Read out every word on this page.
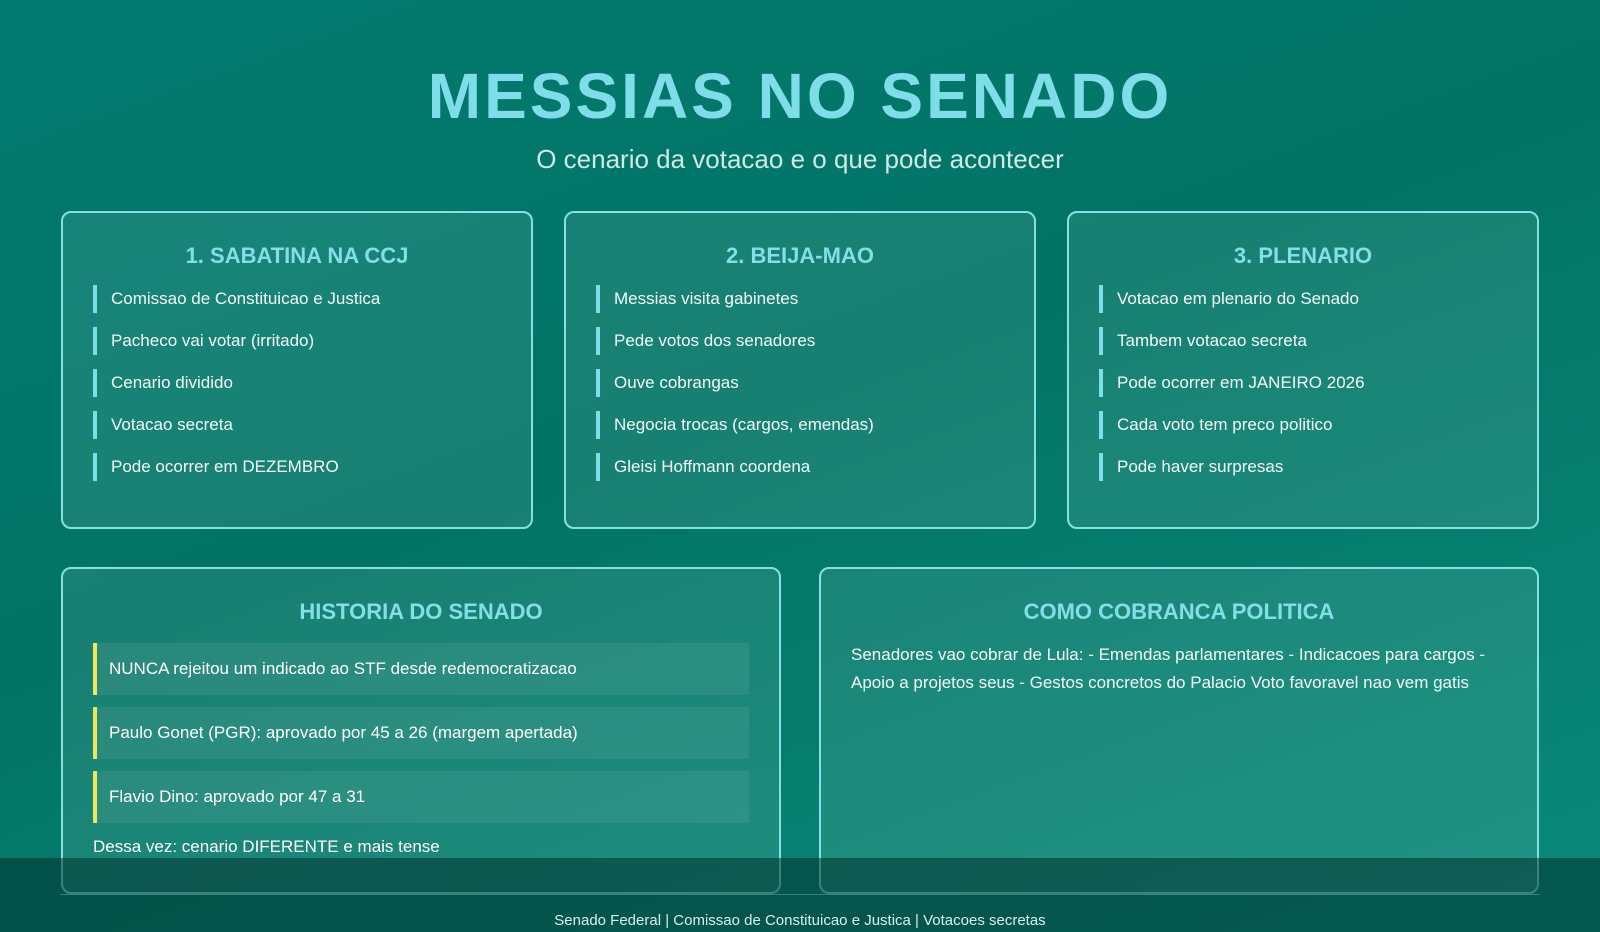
MESSIAS NO SENADO

O cenario da votacao e o que pode acontecer

1. SABATINA NA CCJ
Comissao de Constituicao e Justica
Pacheco vai votar (irritado)
Cenario dividido
Votacao secreta
Pode ocorrer em DEZEMBRO
2. BEIJA-MAO
Messias visita gabinetes
Pede votos dos senadores
Ouve cobrangas
Negocia trocas (cargos, emendas)
Gleisi Hoffmann coordena
3. PLENARIO
Votacao em plenario do Senado
Tambem votacao secreta
Pode ocorrer em JANEIRO 2026
Cada voto tem preco politico
Pode haver surpresas
HISTORIA DO SENADO
NUNCA rejeitou um indicado ao STF desde redemocratizacao
Paulo Gonet (PGR): aprovado por 45 a 26 (margem apertada)
Flavio Dino: aprovado por 47 a 31

Dessa vez: cenario DIFERENTE e mais tense

COMO COBRANCA POLITICA

Senadores vao cobrar de Lula: - Emendas parlamentares - Indicacoes para cargos - Apoio a projetos seus - Gestos concretos do Palacio Voto favoravel nao vem gatis

Senado Federal | Comissao de Constituicao e Justica | Votacoes secretas
